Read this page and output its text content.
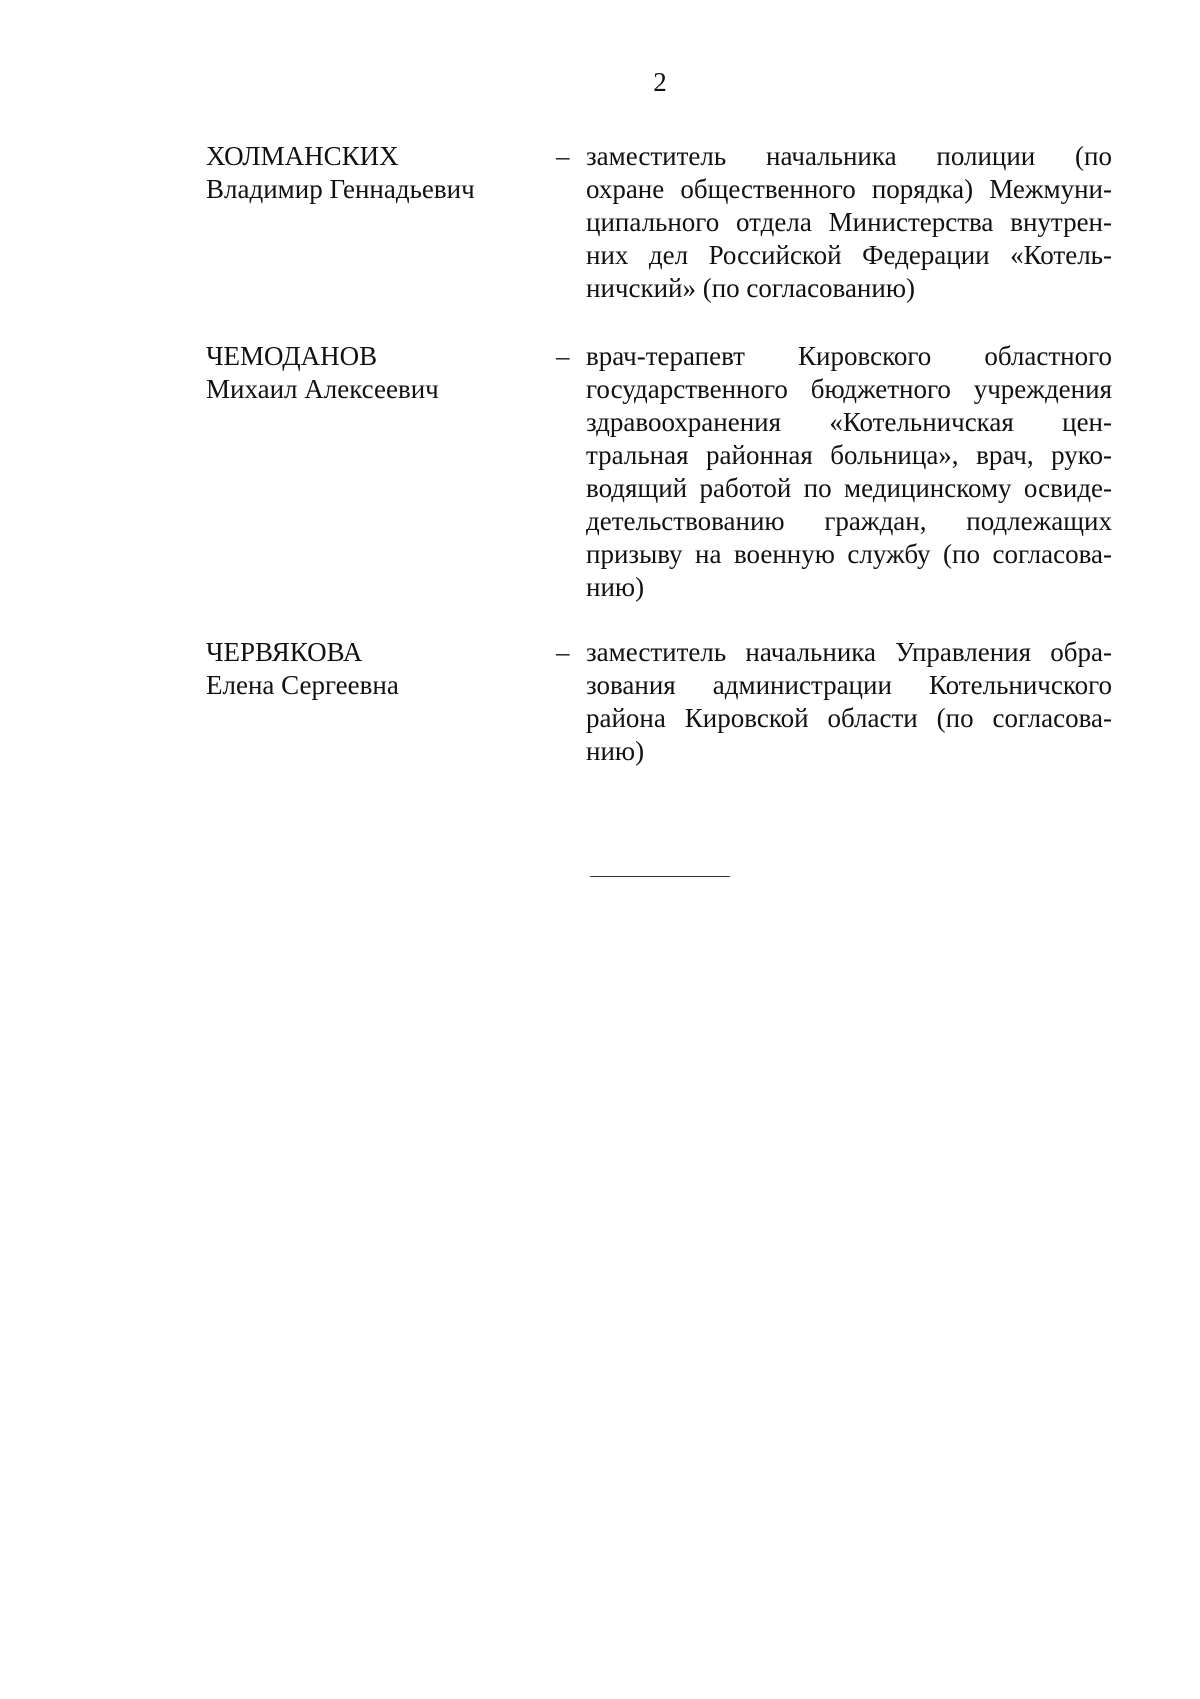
2
ХОЛМАНСКИХ
Владимир Геннадьевич
– заместитель начальника полиции (по
охране общественного порядка) Межмуни-
ципального отдела Министерства внутрен-
них дел Российской Федерации «Котель-
ничский» (по согласованию)
ЧЕМОДАНОВ
Михаил Алексеевич
– врач-терапевт Кировского областного
государственного бюджетного учреждения
здравоохранения «Котельничская цен-
тральная районная больница», врач, руко-
водящий работой по медицинскому освиде-
детельствованию граждан, подлежащих
призыву на военную службу (по согласова-
нию)
ЧЕРВЯКОВА
Елена Сергеевна
– заместитель начальника Управления обра-
зования администрации Котельничского
района Кировской области (по согласова-
нию)
